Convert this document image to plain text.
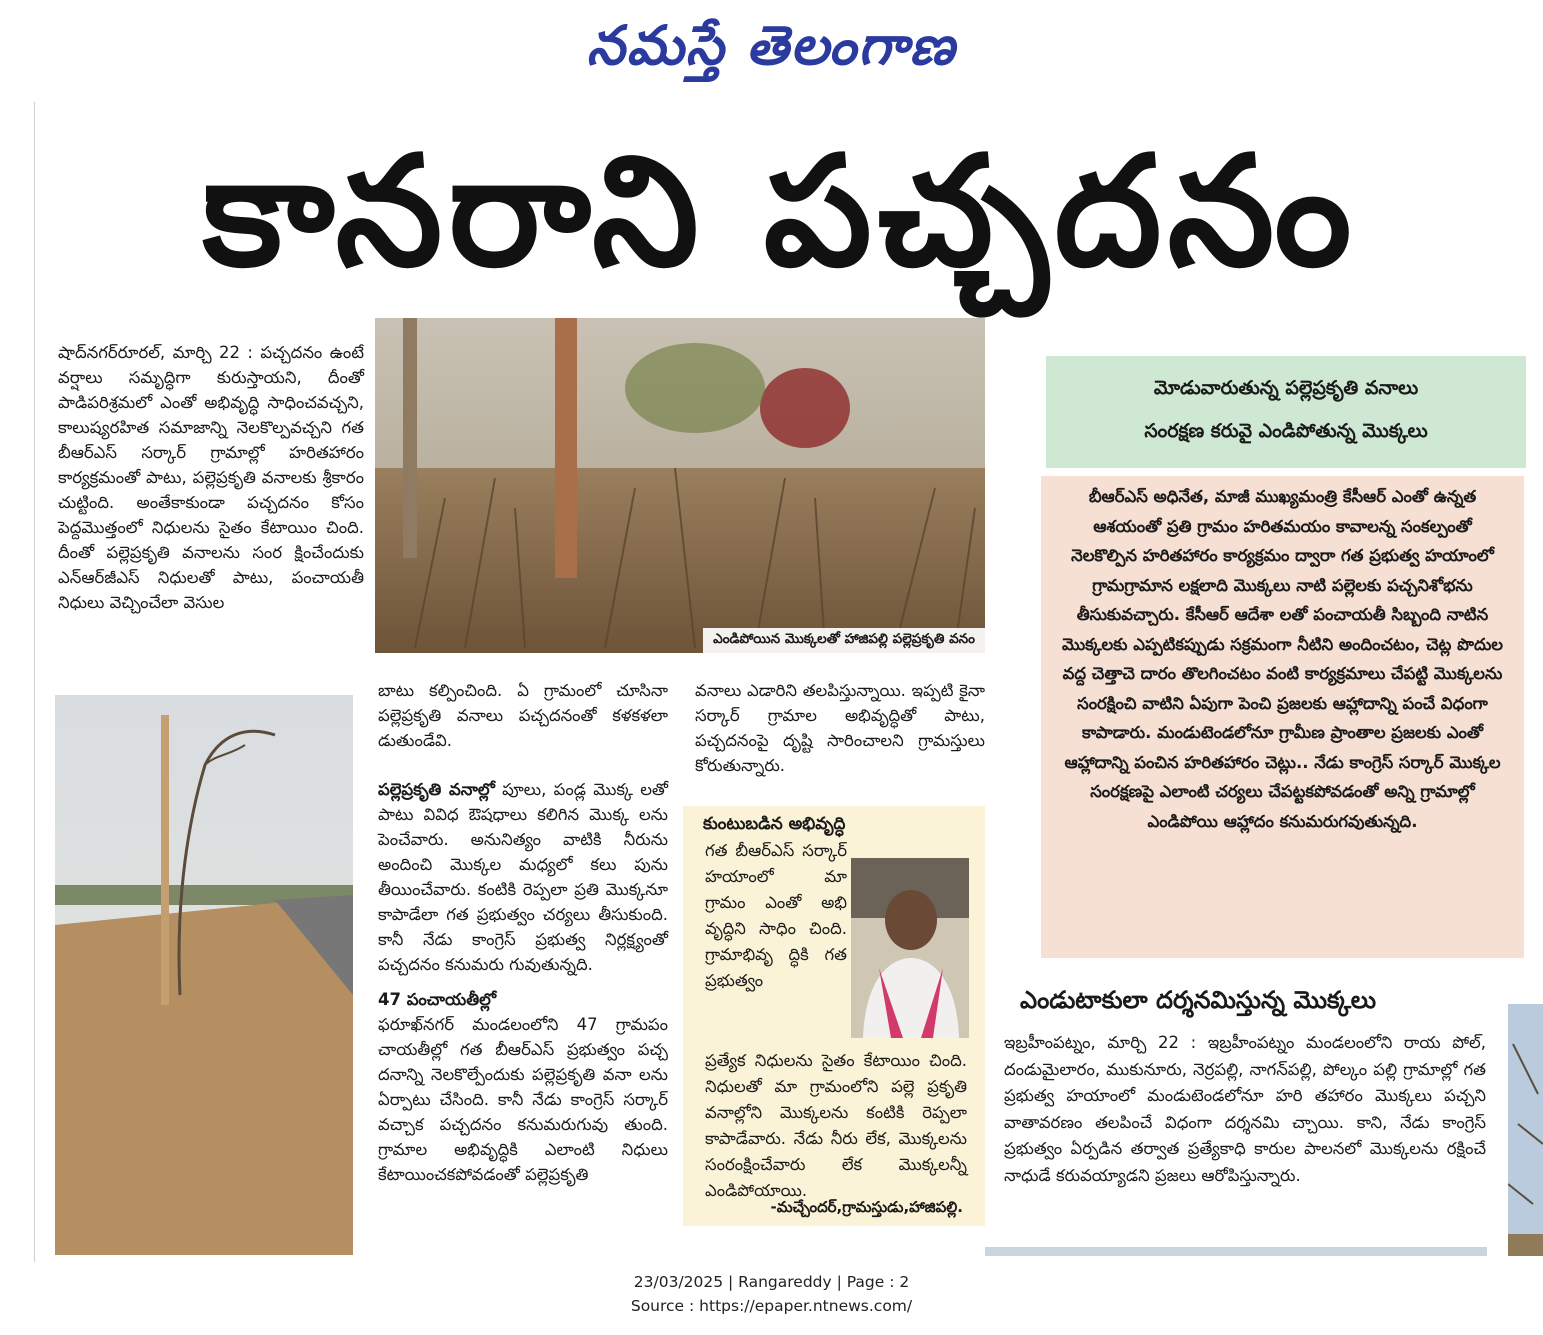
నమస్తే తెలంగాణ
కానరాని పచ్చదనం

షాద్‌నగర్‌రూరల్‌, మార్చి 22 : పచ్చదనం ఉంటే వర్షాలు సమృద్ధిగా కురుస్తాయని, దీంతో పాడిపరిశ్రమలో ఎంతో అభివృద్ధి సాధించవచ్చని, కాలుష్యరహిత సమాజాన్ని నెలకొల్పవచ్చని గత బీఆర్‌ఎస్‌ సర్కార్‌ గ్రామాల్లో హరితహారం కార్యక్రమంతో పాటు, పల్లెప్రకృతి వనాలకు శ్రీకారం చుట్టింది. అంతేకాకుండా పచ్చదనం కోసం పెద్దమొత్తంలో నిధులను సైతం కేటాయిం చింది. దీంతో పల్లెప్రకృతి వనాలను సంర క్షించేందుకు ఎన్‌ఆర్‌జీఎస్‌ నిధులతో పాటు, పంచాయతీ నిధులు వెచ్చించేలా వెసుల

ఎండిపోయిన మొక్కలతో హాజిపల్లి పల్లెప్రకృతి వనం

బాటు కల్పించింది. ఏ గ్రామంలో చూసినా పల్లెప్రకృతి వనాలు పచ్చదనంతో కళకళలా డుతుండేవి.

పల్లెప్రకృతి వనాల్లో పూలు, పండ్ల మొక్క లతో పాటు వివిధ ఔషధాలు కలిగిన మొక్క లను పెంచేవారు. అనునిత్యం వాటికి నీరును అందించి మొక్కల మధ్యలో కలు పును తీయించేవారు. కంటికి రెప్పలా ప్రతి మొక్కనూ కాపాడేలా గత ప్రభుత్వం చర్యలు తీసుకుంది. కానీ నేడు కాంగ్రెస్‌ ప్రభుత్వ నిర్లక్ష్యంతో పచ్చదనం కనుమరు గువుతున్నది.

47 పంచాయతీల్లో

ఫరూఖ్‌నగర్‌ మండలంలోని 47 గ్రామపం చాయతీల్లో గత బీఆర్‌ఎస్‌ ప్రభుత్వం పచ్చ దనాన్ని నెలకొల్పేందుకు పల్లెప్రకృతి వనా లను ఏర్పాటు చేసింది. కానీ నేడు కాంగ్రెస్‌ సర్కార్‌ వచ్చాక పచ్చదనం కనుమరుగువు తుంది. గ్రామాల అభివృద్ధికి ఎలాంటి నిధులు కేటాయించకపోవడంతో పల్లెప్రకృతి

వనాలు ఎడారిని తలపిస్తున్నాయి. ఇప్పటి కైనా సర్కార్‌ గ్రామాల అభివృద్ధితో పాటు, పచ్చదనంపై దృష్టి సారించాలని గ్రామస్తులు కోరుతున్నారు.

కుంటుబడిన అభివృద్ధి
గత బీఆర్‌ఎస్‌ సర్కార్‌ హయాంలో మా గ్రామం ఎంతో అభి వృద్ధిని సాధిం చింది. గ్రామాభివృ ద్ధికి గత ప్రభుత్వం
ప్రత్యేక నిధులను సైతం కేటాయిం చింది. నిధులతో మా గ్రామంలోని పల్లె ప్రకృతి వనాల్లోని మొక్కలను కంటికి రెప్పలా కాపాడేవారు. నేడు నీరు లేక, మొక్కలను సంరంక్షించేవారు లేక మొక్కలన్నీ ఎండిపోయాయి.
-మచ్చేందర్‌,గ్రామస్తుడు,హాజిపల్లి.
మోడువారుతున్న పల్లెప్రకృతి వనాలు
సంరక్షణ కరువై ఎండిపోతున్న మొక్కలు
బీఆర్‌ఎస్‌ అధినేత, మాజీ ముఖ్యమంత్రి కేసీఆర్‌ ఎంతో ఉన్నత ఆశయంతో ప్రతి గ్రామం హరితమయం కావాలన్న సంకల్పంతో నెలకొల్పిన హరితహారం కార్యక్రమం ద్వారా గత ప్రభుత్వ హయాంలో గ్రామగ్రామాన లక్షలాది మొక్కలు నాటి పల్లెలకు పచ్చనిశోభను తీసుకువచ్చారు. కేసీఆర్‌ ఆదేశా లతో పంచాయతీ సిబ్బంది నాటిన మొక్కలకు ఎప్పటికప్పుడు సక్రమంగా నీటిని అందించటం, చెట్ల పొదుల వద్ద చెత్తాచె దారం తొలగించటం వంటి కార్యక్రమాలు చేపట్టి మొక్కలను సంరక్షించి వాటిని ఏపుగా పెంచి ప్రజలకు ఆహ్లాదాన్ని పంచే విధంగా కాపాడారు. మండుటెండలోనూ గ్రామీణ ప్రాంతాల ప్రజలకు ఎంతో ఆహ్లాదాన్ని పంచిన హరితహారం చెట్లు.. నేడు కాంగ్రెస్‌ సర్కార్‌ మొక్కల సంరక్షణపై ఎలాంటి చర్యలు చేపట్టకపోవడంతో అన్ని గ్రామాల్లో ఎండిపోయి ఆహ్లాదం కనుమరుగవుతున్నది.
ఎండుటాకులా దర్శనమిస్తున్న మొక్కలు
ఇబ్రహీంపట్నం, మార్చి 22 : ఇబ్రహీంపట్నం మండలంలోని రాయ పోల్‌, దండుమైలారం, ముకునూరు, నెర్రపల్లి, నాగన్‌పల్లి, పోల్కం పల్లి గ్రామాల్లో గత ప్రభుత్వ హయాంలో మండుటెండలోనూ హరి తహారం మొక్కలు పచ్చని వాతావరణం తలపించే విధంగా దర్శనమి చ్చాయి. కాని, నేడు కాంగ్రెస్‌ ప్రభుత్వం ఏర్పడిన తర్వాత ప్రత్యేకాధి కారుల పాలనలో మొక్కలను రక్షించే నాధుడే కరువయ్యాడని ప్రజలు ఆరోపిస్తున్నారు.
23/03/2025 | Rangareddy | Page : 2
Source : https://epaper.ntnews.com/
